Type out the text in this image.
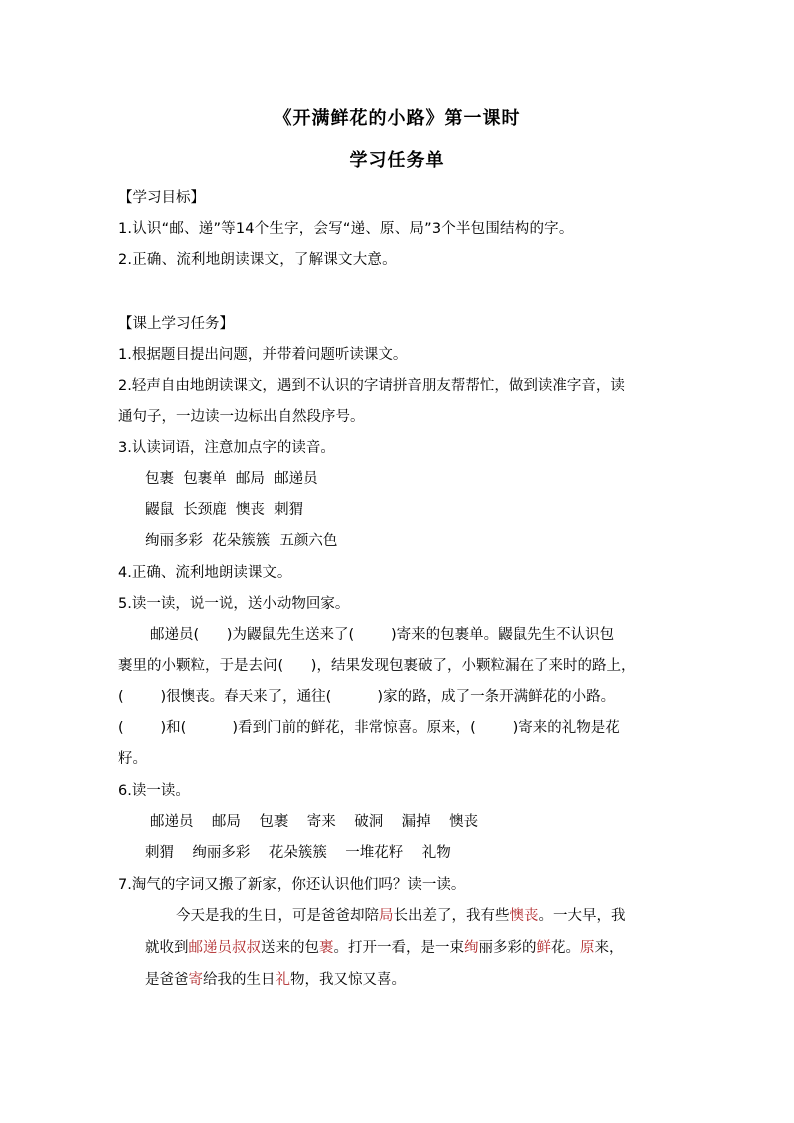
《开满鲜花的小路》第一课时
学习任务单
【学习目标】
1.认识“邮、递”等14个生字，会写“递、原、局”3个半包围结构的字。
2.正确、流利地朗读课文，了解课文大意。
【课上学习任务】
1.根据题目提出问题，并带着问题听读课文。
2.轻声自由地朗读课文，遇到不认识的字请拼音朋友帮帮忙，做到读准字音，读
通句子，一边读一边标出自然段序号。
3.认读词语，注意加点字的读音。
包裹  包裹单  邮局  邮递员
鼹鼠  长颈鹿  懊丧  刺猬
绚丽多彩  花朵簇簇  五颜六色
4.正确、流利地朗读课文。
5.读一读，说一说，送小动物回家。
邮递员(      )为鼹鼠先生送来了(        )寄来的包裹单。鼹鼠先生不认识包
裹里的小颗粒，于是去问(      )，结果发现包裹破了，小颗粒漏在了来时的路上，
(        )很懊丧。春天来了，通往(          )家的路，成了一条开满鲜花的小路。
(        )和(          )看到门前的鲜花，非常惊喜。原来，(        )寄来的礼物是花
籽。
6.读一读。
邮递员    邮局    包裹    寄来    破洞    漏掉    懊丧
刺猬    绚丽多彩    花朵簇簇    一堆花籽    礼物
7.淘气的字词又搬了新家，你还认识他们吗？读一读。
今天是我的生日，可是爸爸却陪局长出差了，我有些懊丧。一大早，我
就收到邮递员叔叔送来的包裹。打开一看，是一束绚丽多彩的鲜花。原来，
是爸爸寄给我的生日礼物，我又惊又喜。
